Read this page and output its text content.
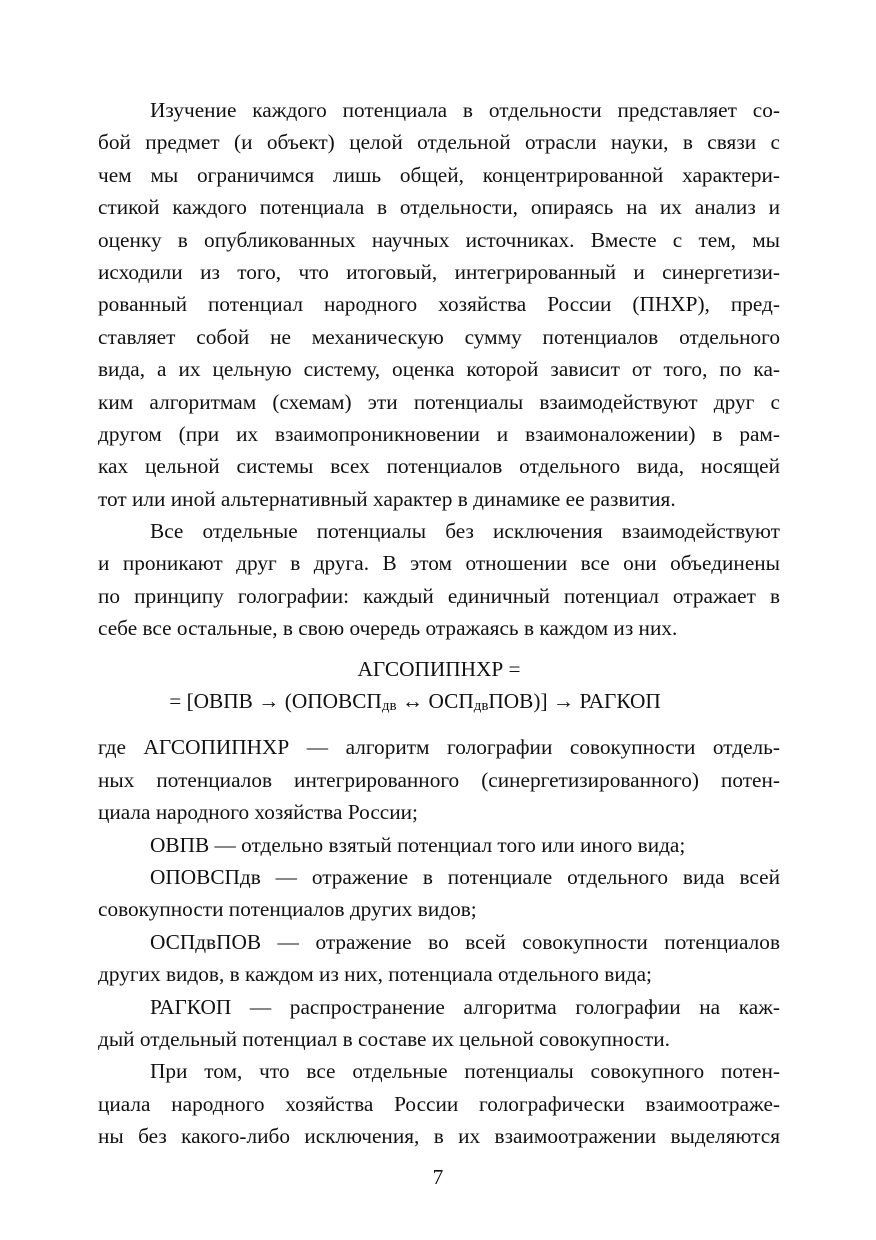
Изучение каждого потенциала в отдельности представляет со-
бой предмет (и объект) целой отдельной отрасли науки, в связи с
чем мы ограничимся лишь общей, концентрированной характери-
стикой каждого потенциала в отдельности, опираясь на их анализ и
оценку в опубликованных научных источниках. Вместе с тем, мы
исходили из того, что итоговый, интегрированный и синергетизи-
рованный потенциал народного хозяйства России (ПНХР), пред-
ставляет собой не механическую сумму потенциалов отдельного
вида, а их цельную систему, оценка которой зависит от того, по ка-
ким алгоритмам (схемам) эти потенциалы взаимодействуют друг с
другом (при их взаимопроникновении и взаимоналожении) в рам-
ках цельной системы всех потенциалов отдельного вида, носящей
тот или иной альтернативный характер в динамике ее развития.
Все отдельные потенциалы без исключения взаимодействуют
и проникают друг в друга. В этом отношении все они объединены
по принципу голографии: каждый единичный потенциал отражает в
себе все остальные, в свою очередь отражаясь в каждом из них.
АГСОПИПНХР =
= [ОВПВ → ($ОПОВСП_{дв}$ ↔ $ОСП_{дв}ПОВ$)] → РАГКОП
где АГСОПИПНХР — алгоритм голографии совокупности отдель-
ных потенциалов интегрированного (синергетизированного) потен-
циала народного хозяйства России;
ОВПВ — отдельно взятый потенциал того или иного вида;
ОПОВСПдв — отражение в потенциале отдельного вида всей
совокупности потенциалов других видов;
ОСПдвПОВ — отражение во всей совокупности потенциалов
других видов, в каждом из них, потенциала отдельного вида;
РАГКОП — распространение алгоритма голографии на каж-
дый отдельный потенциал в составе их цельной совокупности.
При том, что все отдельные потенциалы совокупного потен-
циала народного хозяйства России голографически взаимоотраже-
ны без какого-либо исключения, в их взаимоотражении выделяются
7
